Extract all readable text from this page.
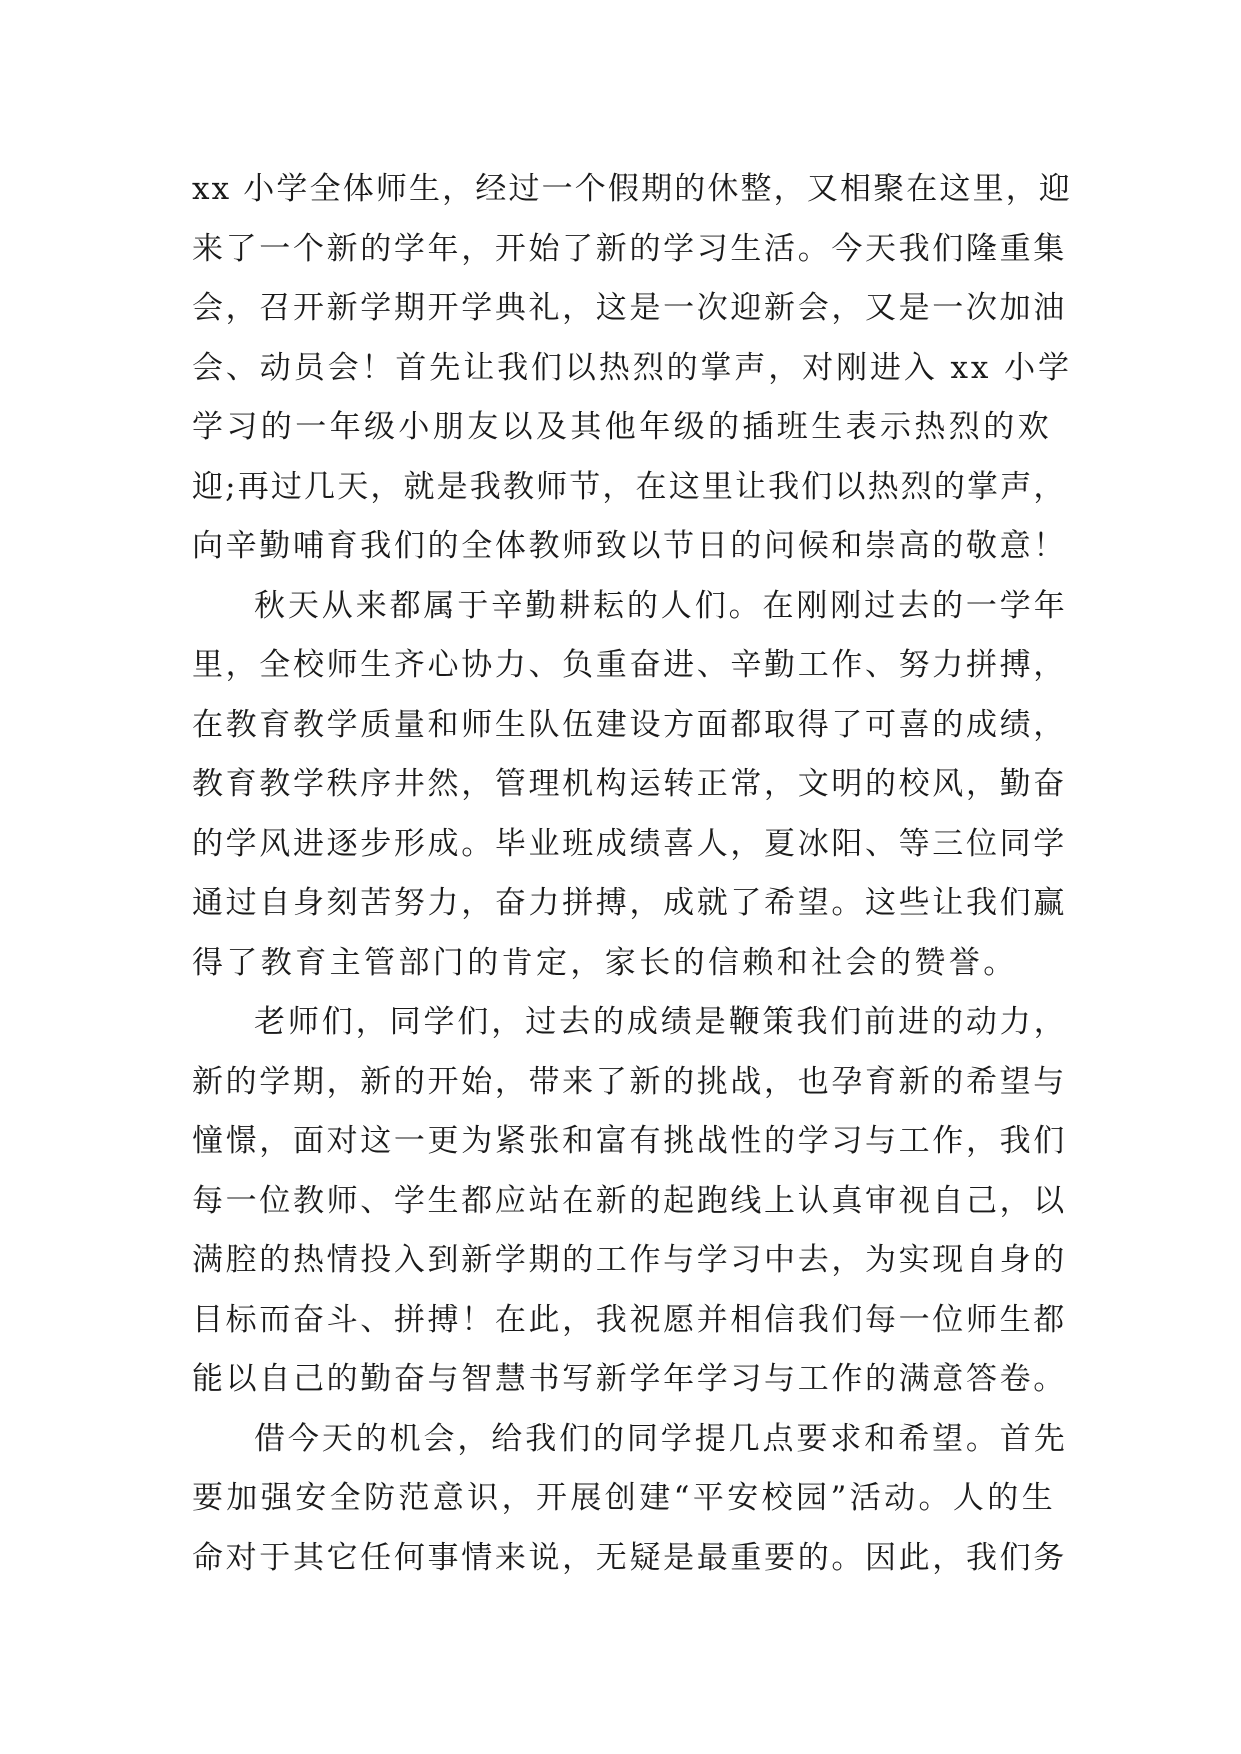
xx 小学全体师生，经过一个假期的休整，又相聚在这里，迎
来了一个新的学年，开始了新的学习生活。今天我们隆重集
会，召开新学期开学典礼，这是一次迎新会，又是一次加油
会、动员会！首先让我们以热烈的掌声，对刚进入 xx 小学
学习的一年级小朋友以及其他年级的插班生表示热烈的欢
迎;再过几天，就是我教师节，在这里让我们以热烈的掌声，
向辛勤哺育我们的全体教师致以节日的问候和崇高的敬意！
秋天从来都属于辛勤耕耘的人们。在刚刚过去的一学年
里，全校师生齐心协力、负重奋进、辛勤工作、努力拼搏，
在教育教学质量和师生队伍建设方面都取得了可喜的成绩，
教育教学秩序井然，管理机构运转正常，文明的校风，勤奋
的学风进逐步形成。毕业班成绩喜人，夏冰阳、等三位同学
通过自身刻苦努力，奋力拼搏，成就了希望。这些让我们赢
得了教育主管部门的肯定，家长的信赖和社会的赞誉。
老师们，同学们，过去的成绩是鞭策我们前进的动力，
新的学期，新的开始，带来了新的挑战，也孕育新的希望与
憧憬，面对这一更为紧张和富有挑战性的学习与工作，我们
每一位教师、学生都应站在新的起跑线上认真审视自己，以
满腔的热情投入到新学期的工作与学习中去，为实现自身的
目标而奋斗、拼搏！在此，我祝愿并相信我们每一位师生都
能以自己的勤奋与智慧书写新学年学习与工作的满意答卷。
借今天的机会，给我们的同学提几点要求和希望。首先
要加强安全防范意识，开展创建“平安校园”活动。人的生
命对于其它任何事情来说，无疑是最重要的。因此，我们务
